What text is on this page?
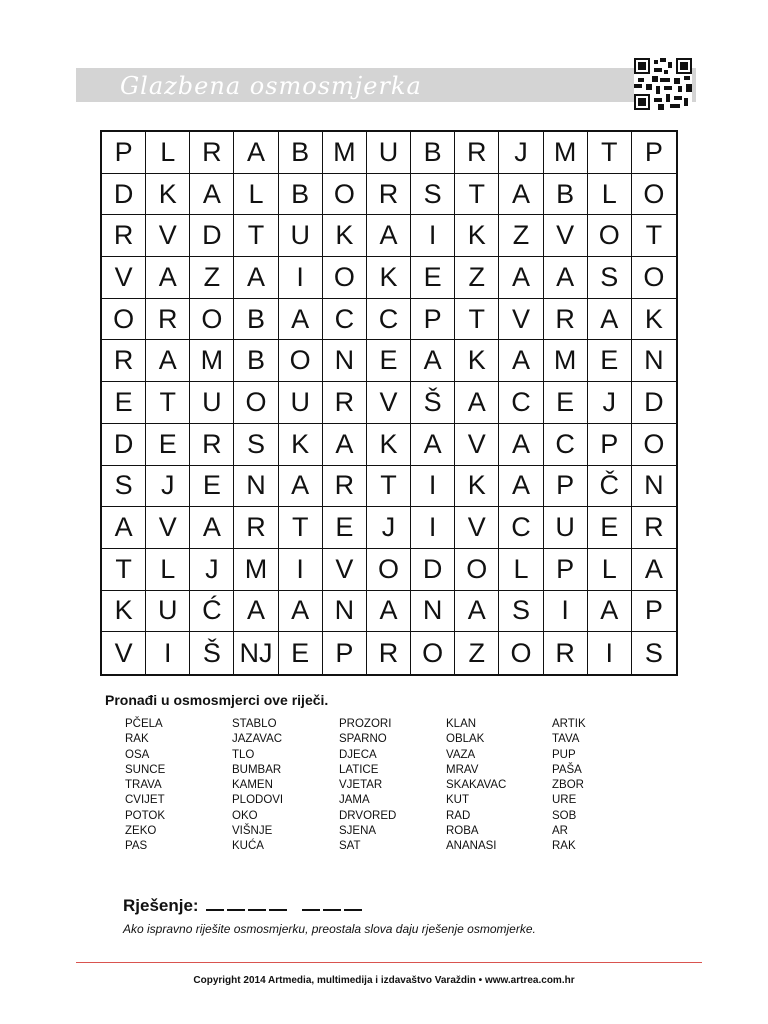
Glazbena osmosmjerka
P	L R A B M U B R	J M T	P
D K A	L	B O R S T A B	L O
R V D T U K A	I	K Z V O T
V A Z A	I	O K E Z A A S O
O R O B A C C P T V R A K
R A M B O N E A K A M E N
E T U O U R V Š A C E	J	D
D E R S K A K A V A C P O
S	J	E N A R T	I	K A P Č N
A V A R T E	J	I	V C U E R
T	L	J M	I	V O D O L	P	L	A
K U Ć A A N A N A S	I	A P
V	I	Š NJ E P R O Z O R	I	S
Pronađi u osmosmjerci ove riječi.
PČELA	STABLO	PROZORI	KLAN	ARTIK
RAK	JAZAVAC	SPARNO	OBLAK	TAVA
OSA	TLO	DJECA	VAZA	PUP
SUNCE	BUMBAR	LATICE	MRAV	PAŠA
TRAVA	KAMEN	VJETAR	SKAKAVAC	ZBOR
CVIJET	PLODOVI	JAMA	KUT	URE
POTOK	OKO	DRVORED	RAD	SOB
ZEKO	VIŠNJE	SJENA	ROBA	AR
PAS	KUĆA	SAT	ANANASI	RAK
Rješenje:
Ako ispravno riješite osmosmjerku, preostala slova daju rješenje osmomjerke.
Copyright 2014 Artmedia, multimedija i izdavaštvo Varaždin • www.artrea.com.hr
